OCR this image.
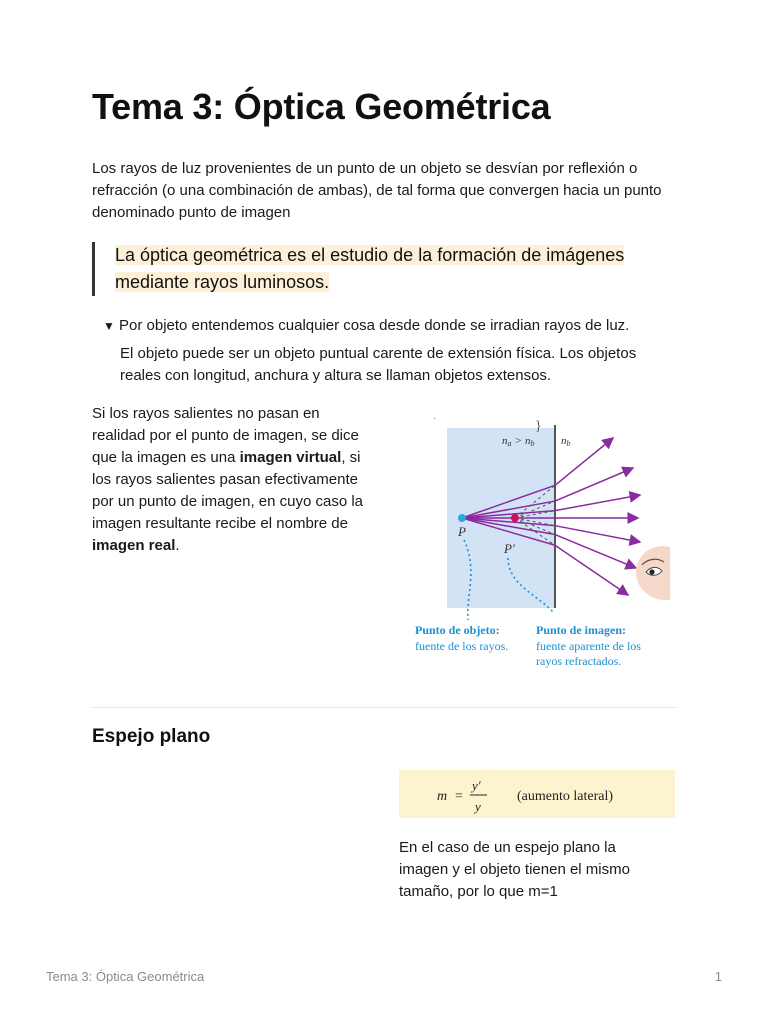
Tema 3: Óptica Geométrica

Los rayos de luz provenientes de un punto de un objeto se desvían por reflexión o refracción (o una combinación de ambas), de tal forma que convergen hacia un punto denominado punto de imagen

La óptica geométrica es el estudio de la formación de imágenes mediante rayos luminosos.

▼ Por objeto entendemos cualquier cosa desde donde se irradian rayos de luz.
El objeto puede ser un objeto puntual carente de extensión física. Los objetos reales con longitud, anchura y altura se llaman objetos extensos.

Si los rayos salientes no pasan en realidad por el punto de imagen, se dice que la imagen es una imagen virtual, si los rayos salientes pasan efectivamente por un punto de imagen, en cuyo caso la imagen resultante recibe el nombre de imagen real.

·
na > nb
}
nb
P
P′
Punto de objeto:
fuente de los rayos.
Punto de imagen:
fuente aparente de los
rayos refractados.
Espejo plano
m =
y′
y
(aumento lateral)

En el caso de un espejo plano la imagen y el objeto tienen el mismo tamaño, por lo que m=1

Tema 3: Óptica Geométrica	1
